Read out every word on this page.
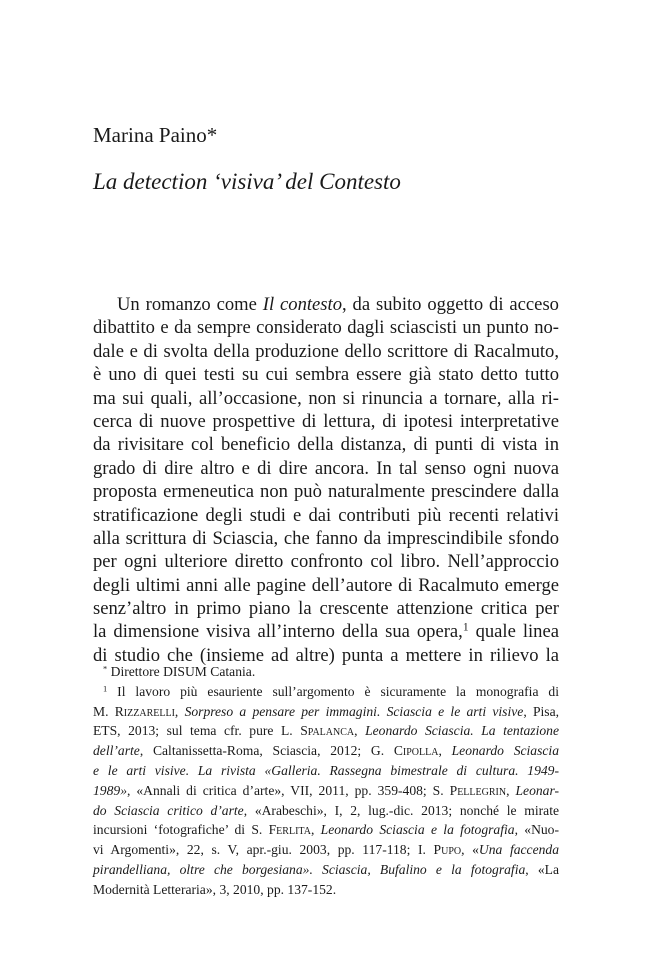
Marina Paino*
La detection ‘visiva’ del Contesto
Un romanzo come Il contesto, da subito oggetto di acceso
dibattito e da sempre considerato dagli sciascisti un punto no-
dale e di svolta della produzione dello scrittore di Racalmuto,
è uno di quei testi su cui sembra essere già stato detto tutto
ma sui quali, all’occasione, non si rinuncia a tornare, alla ri-
cerca di nuove prospettive di lettura, di ipotesi interpretative
da rivisitare col beneficio della distanza, di punti di vista in
grado di dire altro e di dire ancora. In tal senso ogni nuova
proposta ermeneutica non può naturalmente prescindere dalla
stratificazione degli studi e dai contributi più recenti relativi
alla scrittura di Sciascia, che fanno da imprescindibile sfondo
per ogni ulteriore diretto confronto col libro. Nell’approccio
degli ultimi anni alle pagine dell’autore di Racalmuto emerge
senz’altro in primo piano la crescente attenzione critica per
la dimensione visiva all’interno della sua opera,$^1$ quale linea
di studio che (insieme ad altre) punta a mettere in rilievo la
* Direttore DISUM Catania.
$^1$ Il lavoro più esauriente sull’argomento è sicuramente la monografia di
M. Rizzarelli, Sorpreso a pensare per immagini. Sciascia e le arti visive, Pisa,
ETS, 2013; sul tema cfr. pure L. Spalanca, Leonardo Sciascia. La tentazione
dell’arte, Caltanissetta-Roma, Sciascia, 2012; G. Cipolla, Leonardo Sciascia
e le arti visive. La rivista «Galleria. Rassegna bimestrale di cultura. 1949-
1989», «Annali di critica d’arte», VII, 2011, pp. 359-408; S. Pellegrin, Leonar-
do Sciascia critico d’arte, «Arabeschi», I, 2, lug.-dic. 2013; nonché le mirate
incursioni ‘fotografiche’ di S. Ferlita, Leonardo Sciascia e la fotografia, «Nuo-
vi Argomenti», 22, s. V, apr.-giu. 2003, pp. 117-118; I. Pupo, «Una faccenda
pirandelliana, oltre che borgesiana». Sciascia, Bufalino e la fotografia, «La
Modernità Letteraria», 3, 2010, pp. 137-152.
